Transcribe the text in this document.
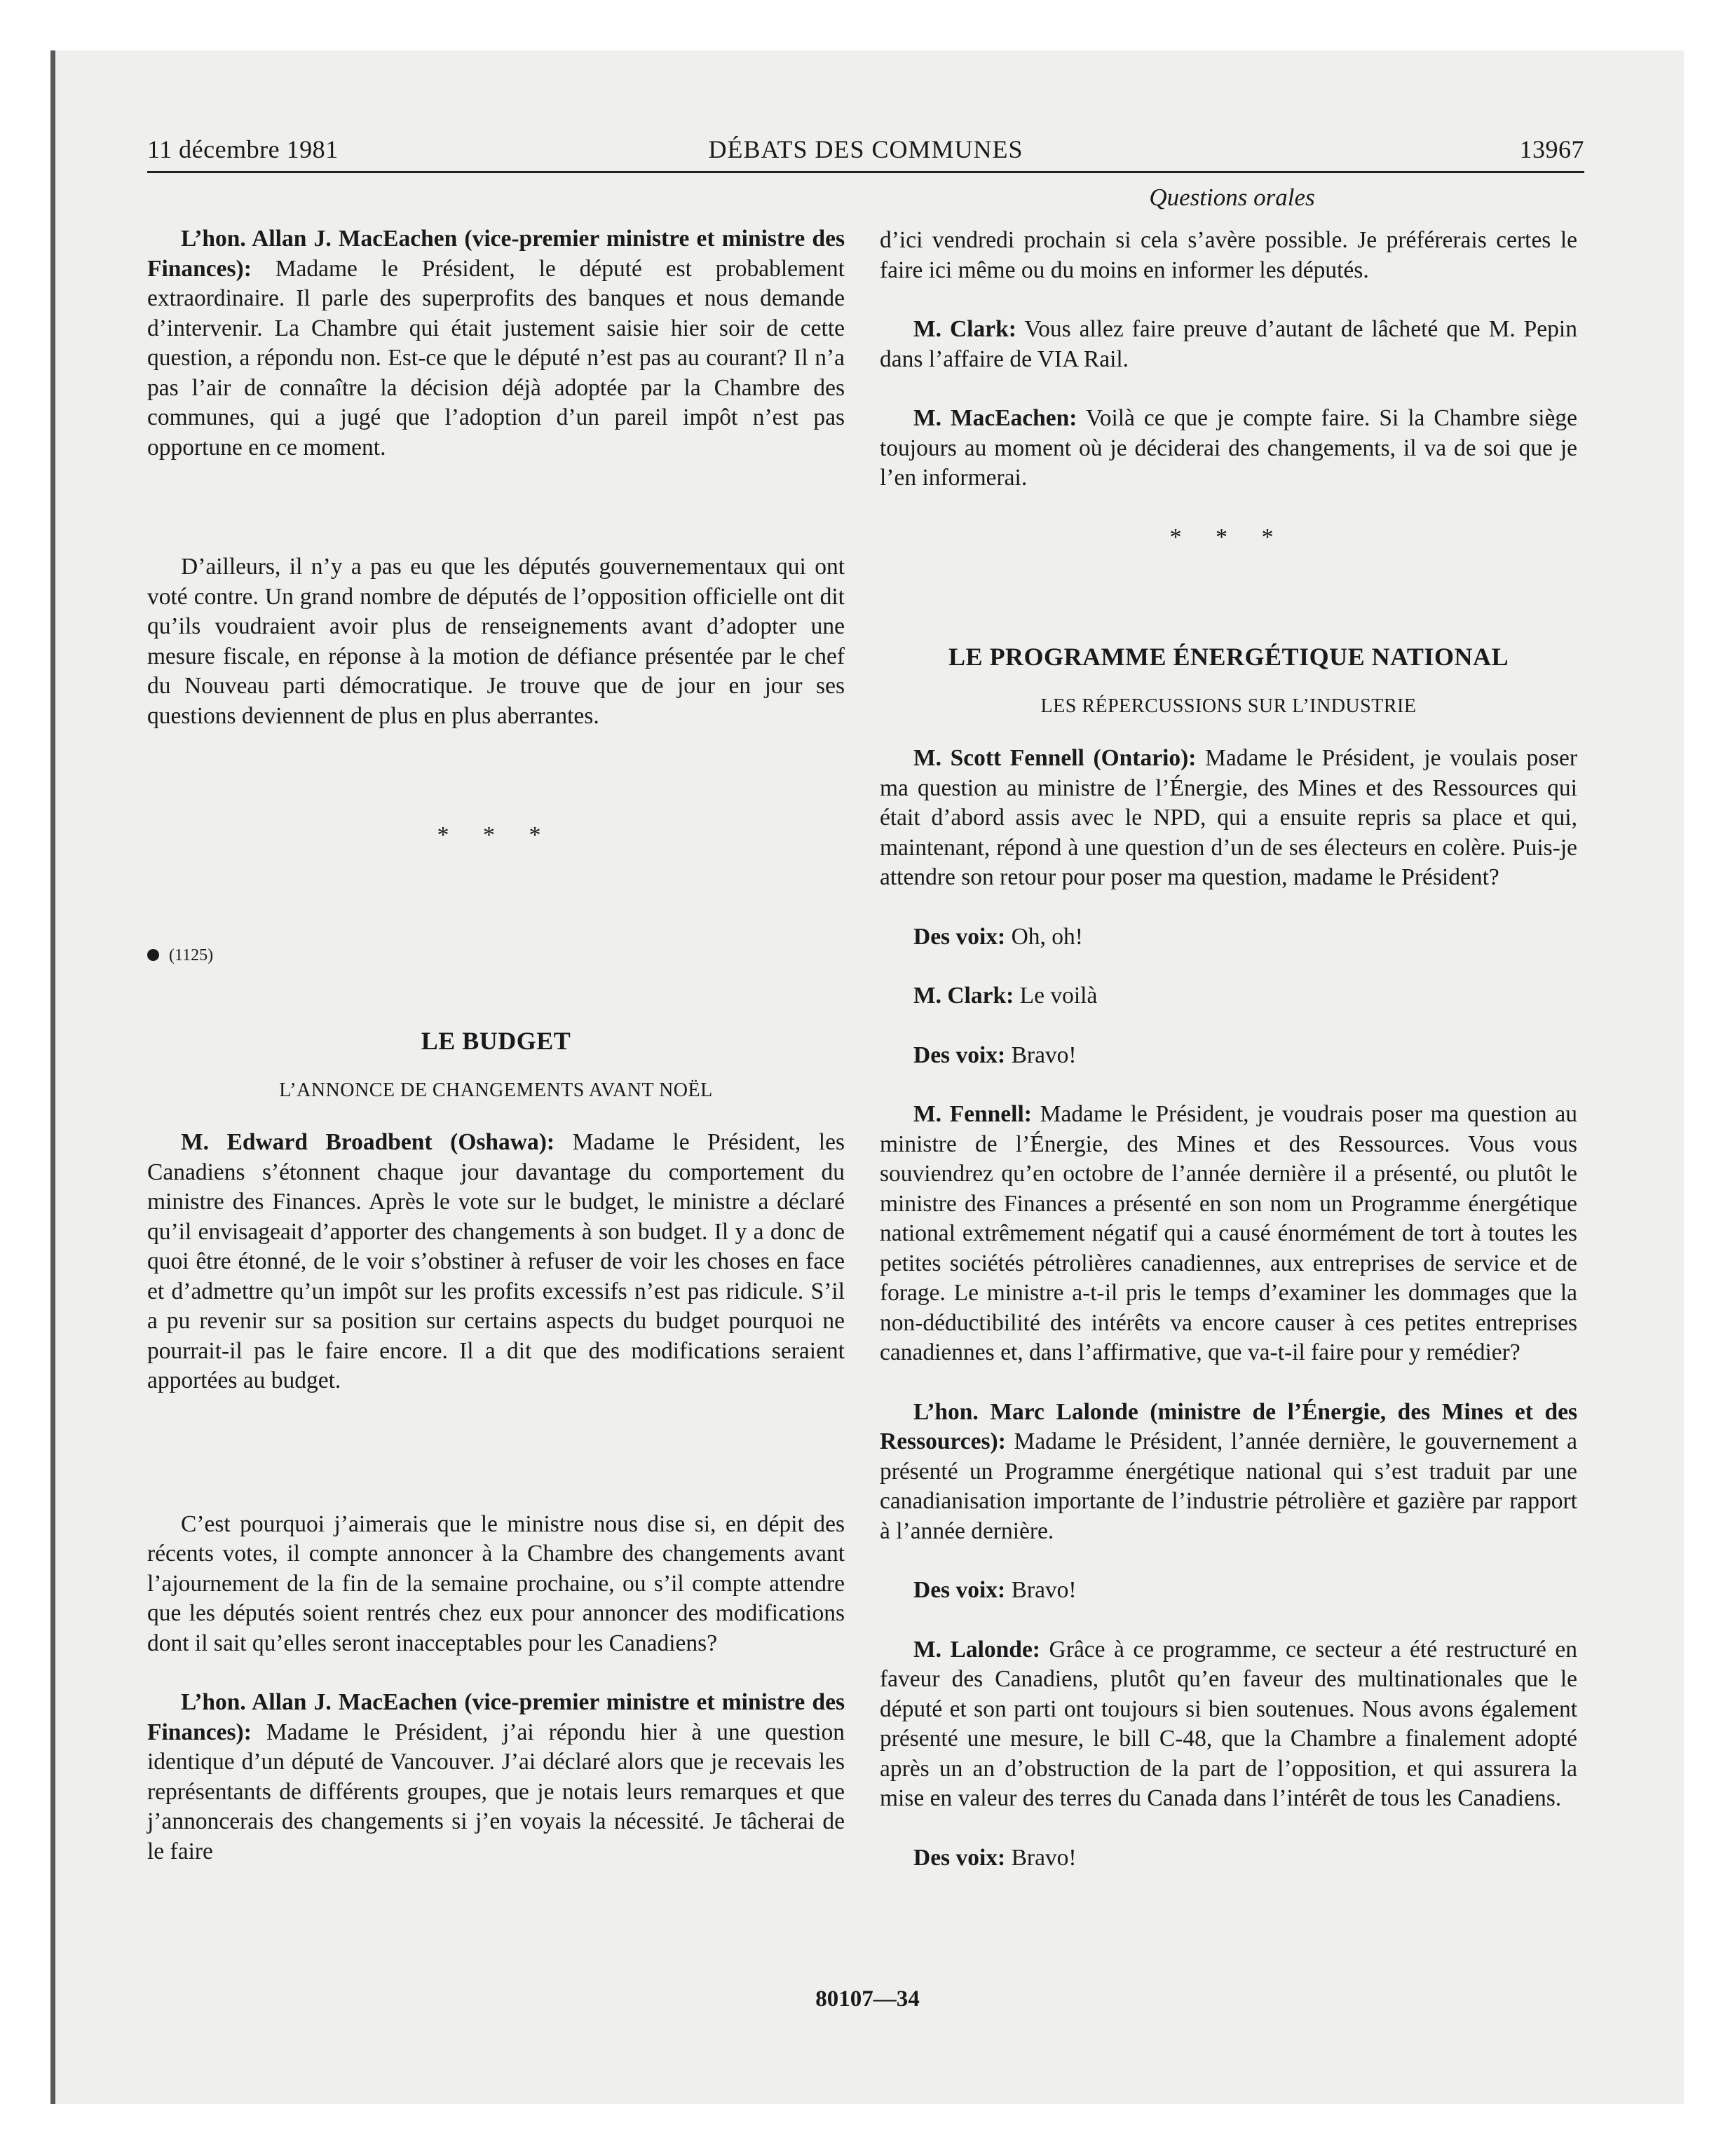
11 décembre 1981	DÉBATS DES COMMUNES	13967
Questions orales

L’hon. Allan J. MacEachen (vice-premier ministre et ministre des Finances): Madame le Président, le député est probablement extraordinaire. Il parle des superprofits des banques et nous demande d’intervenir. La Chambre qui était justement saisie hier soir de cette question, a répondu non. Est-ce que le député n’est pas au courant? Il n’a pas l’air de connaître la décision déjà adoptée par la Chambre des communes, qui a jugé que l’adoption d’un pareil impôt n’est pas opportune en ce moment.

D’ailleurs, il n’y a pas eu que les députés gouvernementaux qui ont voté contre. Un grand nombre de députés de l’opposition officielle ont dit qu’ils voudraient avoir plus de renseignements avant d’adopter une mesure fiscale, en réponse à la motion de défiance présentée par le chef du Nouveau parti démocratique. Je trouve que de jour en jour ses questions deviennent de plus en plus aberrantes.

* * *
(1125)
LE BUDGET
L’ANNONCE DE CHANGEMENTS AVANT NOËL

M. Edward Broadbent (Oshawa): Madame le Président, les Canadiens s’étonnent chaque jour davantage du comportement du ministre des Finances. Après le vote sur le budget, le ministre a déclaré qu’il envisageait d’apporter des changements à son budget. Il y a donc de quoi être étonné, de le voir s’obstiner à refuser de voir les choses en face et d’admettre qu’un impôt sur les profits excessifs n’est pas ridicule. S’il a pu revenir sur sa position sur certains aspects du budget pourquoi ne pourrait-il pas le faire encore. Il a dit que des modifications seraient apportées au budget.

C’est pourquoi j’aimerais que le ministre nous dise si, en dépit des récents votes, il compte annoncer à la Chambre des changements avant l’ajournement de la fin de la semaine prochaine, ou s’il compte attendre que les députés soient rentrés chez eux pour annoncer des modifications dont il sait qu’elles seront inacceptables pour les Canadiens?

L’hon. Allan J. MacEachen (vice-premier ministre et ministre des Finances): Madame le Président, j’ai répondu hier à une question identique d’un député de Vancouver. J’ai déclaré alors que je recevais les représentants de différents groupes, que je notais leurs remarques et que j’annoncerais des changements si j’en voyais la nécessité. Je tâcherai de le faire

d’ici vendredi prochain si cela s’avère possible. Je préférerais certes le faire ici même ou du moins en informer les députés.

M. Clark: Vous allez faire preuve d’autant de lâcheté que M. Pepin dans l’affaire de VIA Rail.

M. MacEachen: Voilà ce que je compte faire. Si la Chambre siège toujours au moment où je déciderai des changements, il va de soi que je l’en informerai.

* * *
LE PROGRAMME ÉNERGÉTIQUE NATIONAL
LES RÉPERCUSSIONS SUR L’INDUSTRIE

M. Scott Fennell (Ontario): Madame le Président, je voulais poser ma question au ministre de l’Énergie, des Mines et des Ressources qui était d’abord assis avec le NPD, qui a ensuite repris sa place et qui, maintenant, répond à une question d’un de ses électeurs en colère. Puis-je attendre son retour pour poser ma question, madame le Président?

Des voix: Oh, oh!

M. Clark: Le voilà

Des voix: Bravo!

M. Fennell: Madame le Président, je voudrais poser ma question au ministre de l’Énergie, des Mines et des Ressources. Vous vous souviendrez qu’en octobre de l’année dernière il a présenté, ou plutôt le ministre des Finances a présenté en son nom un Programme énergétique national extrêmement négatif qui a causé énormément de tort à toutes les petites sociétés pétrolières canadiennes, aux entreprises de service et de forage. Le ministre a-t-il pris le temps d’examiner les dommages que la non-déductibilité des intérêts va encore causer à ces petites entreprises canadiennes et, dans l’affirmative, que va-t-il faire pour y remédier?

L’hon. Marc Lalonde (ministre de l’Énergie, des Mines et des Ressources): Madame le Président, l’année dernière, le gouvernement a présenté un Programme énergétique national qui s’est traduit par une canadianisation importante de l’industrie pétrolière et gazière par rapport à l’année dernière.

Des voix: Bravo!

M. Lalonde: Grâce à ce programme, ce secteur a été restructuré en faveur des Canadiens, plutôt qu’en faveur des multinationales que le député et son parti ont toujours si bien soutenues. Nous avons également présenté une mesure, le bill C-48, que la Chambre a finalement adopté après un an d’obstruction de la part de l’opposition, et qui assurera la mise en valeur des terres du Canada dans l’intérêt de tous les Canadiens.

Des voix: Bravo!

80107—34
